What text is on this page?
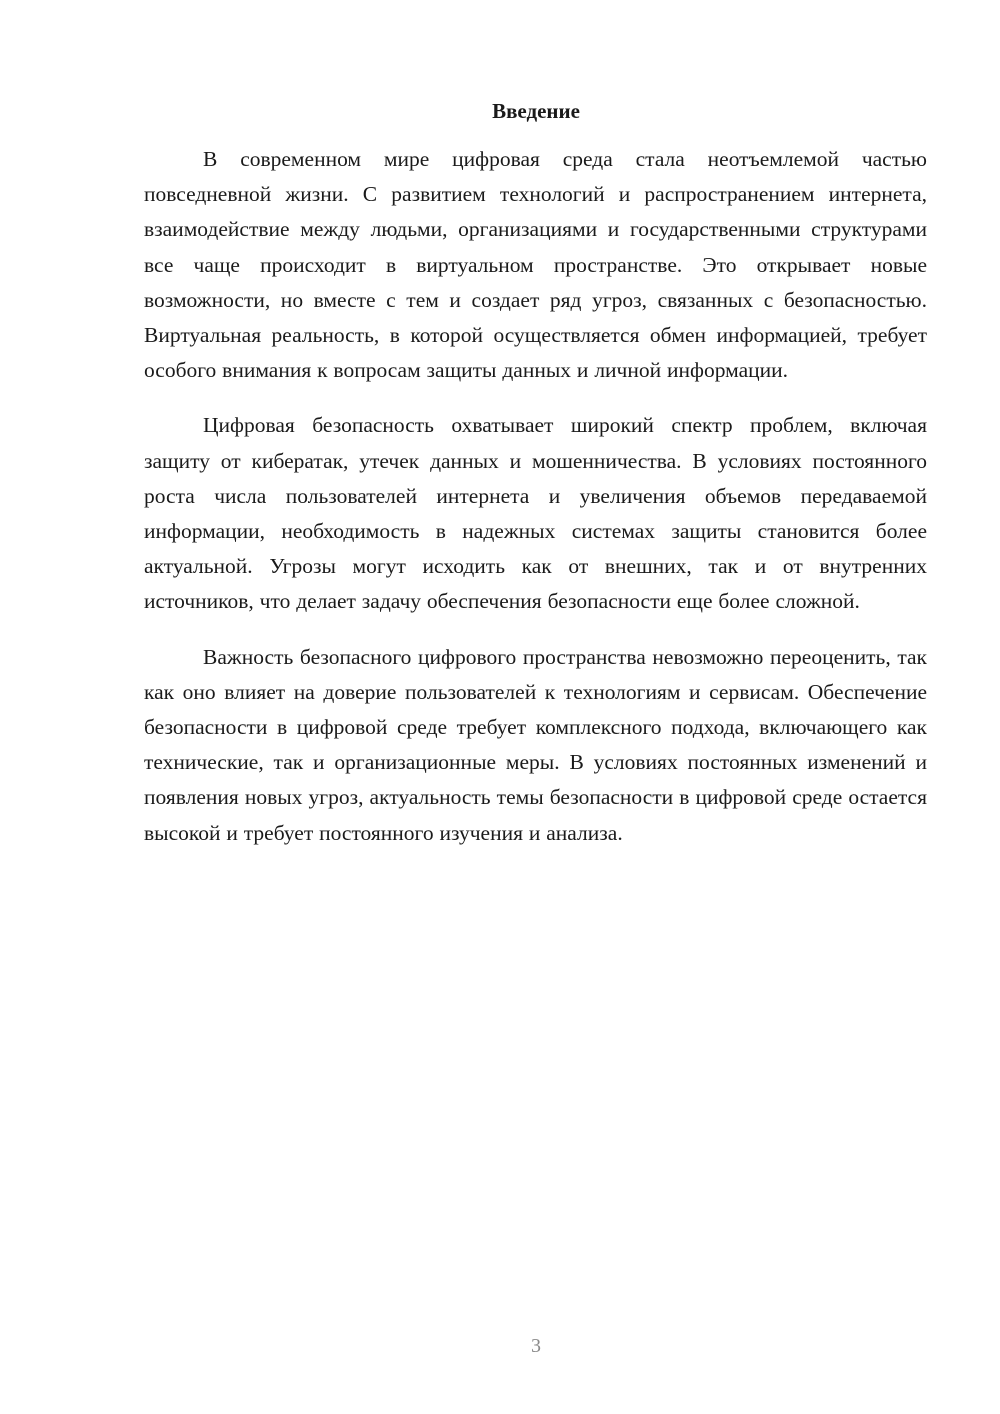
Введение

В современном мире цифровая среда стала неотъемлемой частью повседневной жизни. С развитием технологий и распространением интернета, взаимодействие между людьми, организациями и государственными структурами все чаще происходит в виртуальном пространстве. Это открывает новые возможности, но вместе с тем и создает ряд угроз, связанных с безопасностью. Виртуальная реальность, в которой осуществляется обмен информацией, требует особого внимания к вопросам защиты данных и личной информации.

Цифровая безопасность охватывает широкий спектр проблем, включая защиту от кибератак, утечек данных и мошенничества. В условиях постоянного роста числа пользователей интернета и увеличения объемов передаваемой информации, необходимость в надежных системах защиты становится более актуальной. Угрозы могут исходить как от внешних, так и от внутренних источников, что делает задачу обеспечения безопасности еще более сложной.

Важность безопасного цифрового пространства невозможно переоценить, так как оно влияет на доверие пользователей к технологиям и сервисам. Обеспечение безопасности в цифровой среде требует комплексного подхода, включающего как технические, так и организационные меры. В условиях постоянных изменений и появления новых угроз, актуальность темы безопасности в цифровой среде остается высокой и требует постоянного изучения и анализа.

3
